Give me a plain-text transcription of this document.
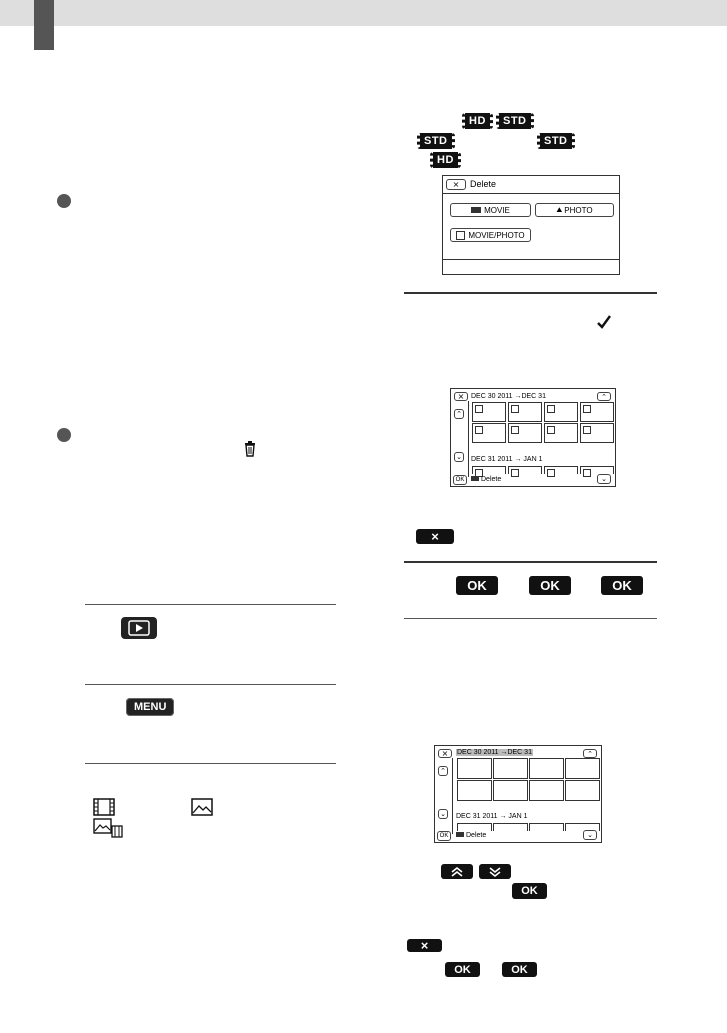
MENU
HD	STD
STD	STD
HD
× Delete
MOVIE	⛰ PHOTO
MOVIE/PHOTO
× DEC 30 2011 →DEC 31	⌃
⌃
⌄ DEC 31 2011 → JAN 1
OK	Delete	⌄
×
OK	OK	OK
× DEC 30 2011 →DEC 31	⌃
⌃
⌄ DEC 31 2011 → JAN 1
OK	Delete	⌄
OK
×
OK	OK
